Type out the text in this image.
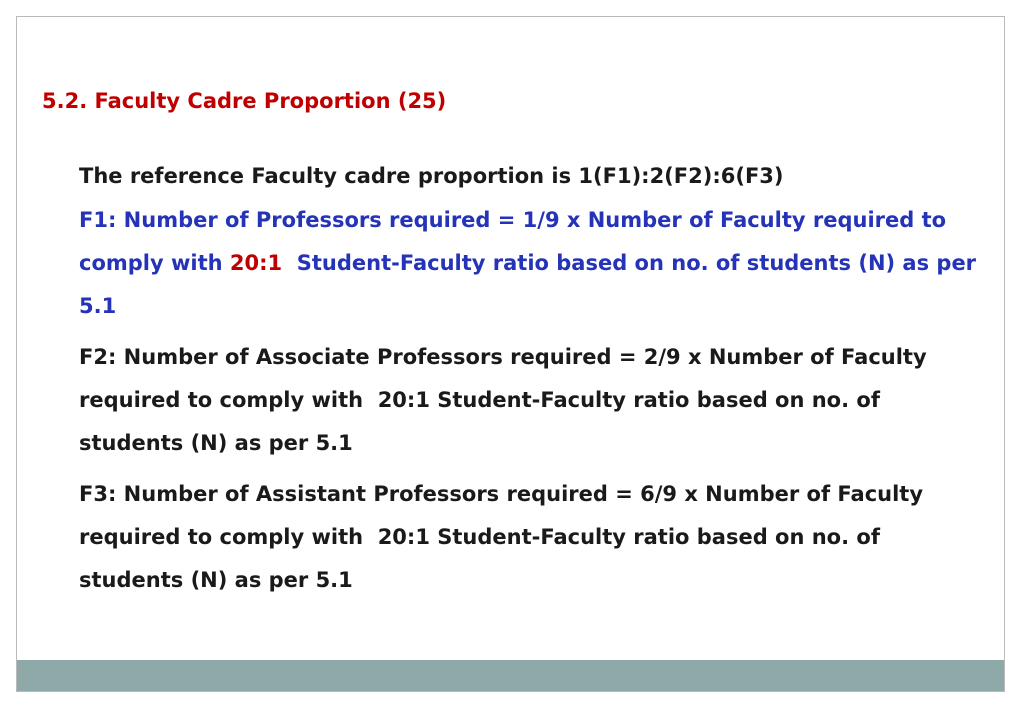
5.2. Faculty Cadre Proportion (25)

The reference Faculty cadre proportion is 1(F1):2(F2):6(F3)

F1: Number of Professors required = 1/9 x Number of Faculty required to comply with 20:1  Student-Faculty ratio based on no. of students (N) as per 5.1

F2: Number of Associate Professors required = 2/9 x Number of Faculty required to comply with  20:1 Student-Faculty ratio based on no. of students (N) as per 5.1

F3: Number of Assistant Professors required = 6/9 x Number of Faculty required to comply with  20:1 Student-Faculty ratio based on no. of students (N) as per 5.1
